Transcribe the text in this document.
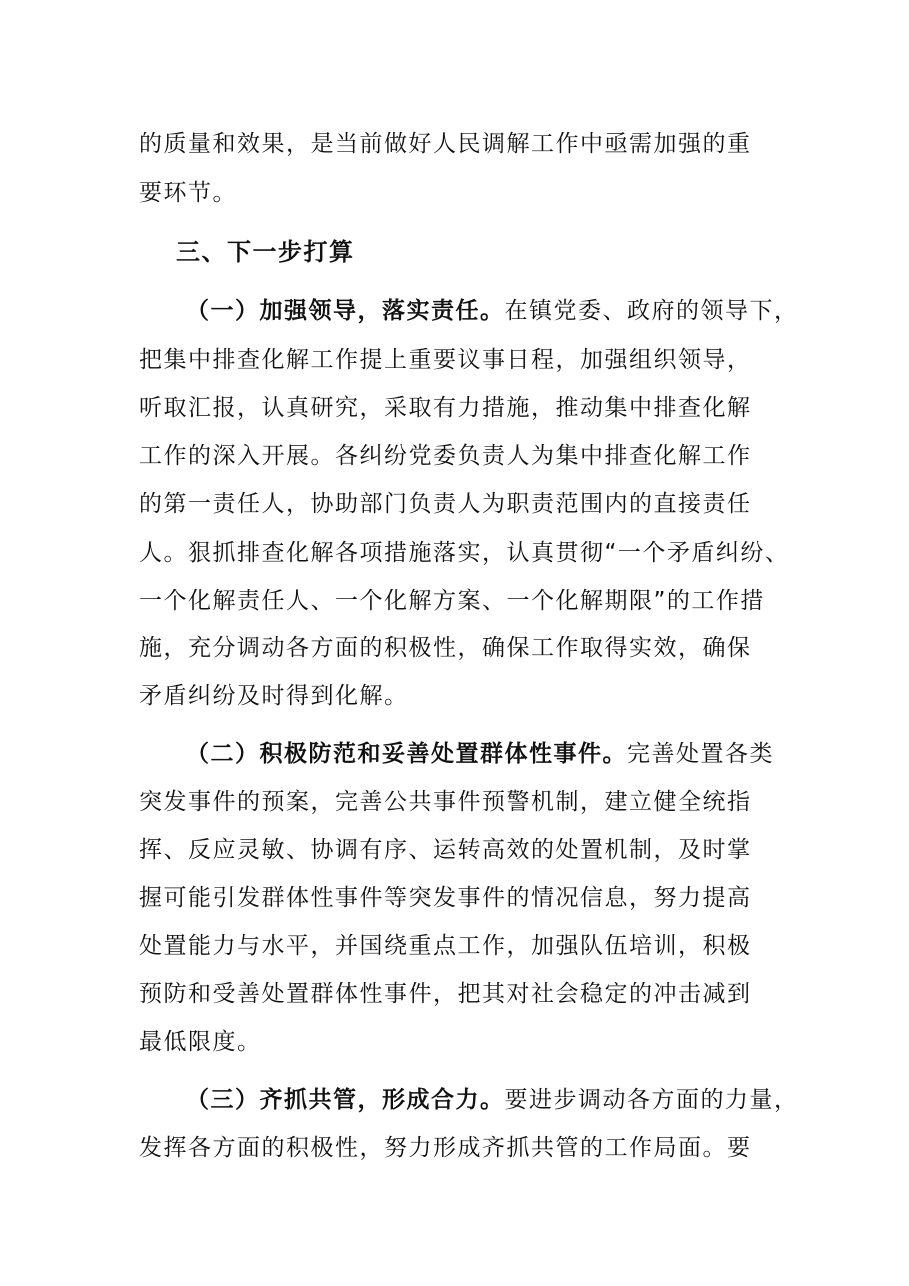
的质量和效果，是当前做好人民调解工作中亟需加强的重
要环节。
三、下一步打算
（一）加强领导，落实责任。在镇党委、政府的领导下，
把集中排查化解工作提上重要议事日程，加强组织领导，
听取汇报，认真研究，采取有力措施，推动集中排查化解
工作的深入开展。各纠纷党委负责人为集中排查化解工作
的第一责任人，协助部门负责人为职责范围内的直接责任
人。狠抓排查化解各项措施落实，认真贯彻“一个矛盾纠纷、
一个化解责任人、一个化解方案、一个化解期限”的工作措
施，充分调动各方面的积极性，确保工作取得实效，确保
矛盾纠纷及时得到化解。
（二）积极防范和妥善处置群体性事件。完善处置各类
突发事件的预案，完善公共事件预警机制，建立健全统指
挥、反应灵敏、协调有序、运转高效的处置机制，及时掌
握可能引发群体性事件等突发事件的情况信息，努力提高
处置能力与水平，并国绕重点工作，加强队伍培训，积极
预防和受善处置群体性事件，把其对社会稳定的冲击减到
最低限度。
（三）齐抓共管，形成合力。要进步调动各方面的力量，
发挥各方面的积极性，努力形成齐抓共管的工作局面。要
